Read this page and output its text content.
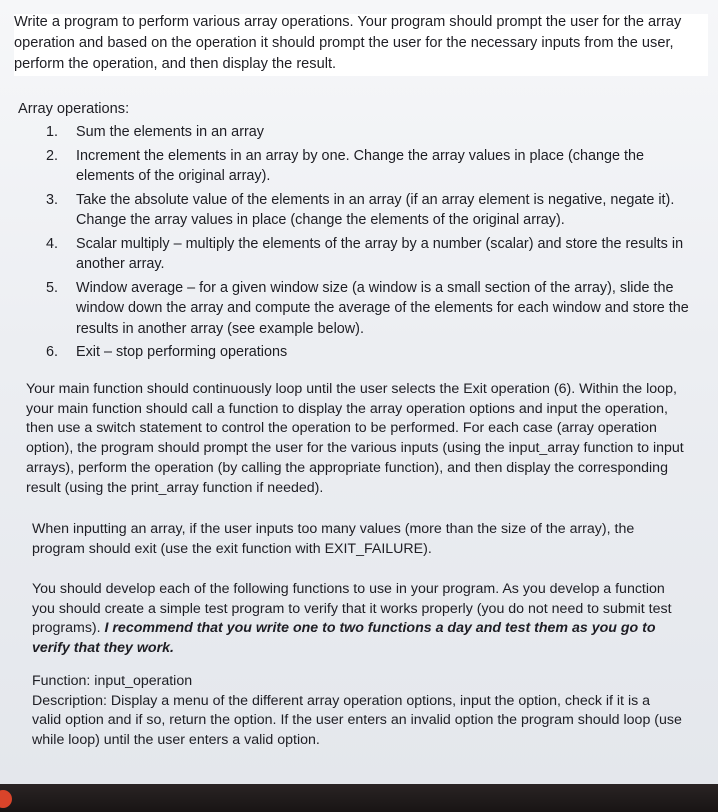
Write a program to perform various array operations. Your program should prompt the user for the array operation and based on the operation it should prompt the user for the necessary inputs from the user, perform the operation, and then display the result.

Array operations:

1. Sum the elements in an array
2. Increment the elements in an array by one. Change the array values in place (change the elements of the original array).
3. Take the absolute value of the elements in an array (if an array element is negative, negate it). Change the array values in place (change the elements of the original array).
4. Scalar multiply – multiply the elements of the array by a number (scalar) and store the results in another array.
5. Window average – for a given window size (a window is a small section of the array), slide the window down the array and compute the average of the elements for each window and store the results in another array (see example below).
6. Exit – stop performing operations

Your main function should continuously loop until the user selects the Exit operation (6). Within the loop, your main function should call a function to display the array operation options and input the operation, then use a switch statement to control the operation to be performed. For each case (array operation option), the program should prompt the user for the various inputs (using the input_array function to input arrays), perform the operation (by calling the appropriate function), and then display the corresponding result (using the print_array function if needed).

When inputting an array, if the user inputs too many values (more than the size of the array), the program should exit (use the exit function with EXIT_FAILURE).

You should develop each of the following functions to use in your program. As you develop a function you should create a simple test program to verify that it works properly (you do not need to submit test programs). I recommend that you write one to two functions a day and test them as you go to verify that they work.

Function: input_operation
Description: Display a menu of the different array operation options, input the option, check if it is a valid option and if so, return the option. If the user enters an invalid option the program should loop (use while loop) until the user enters a valid option.
